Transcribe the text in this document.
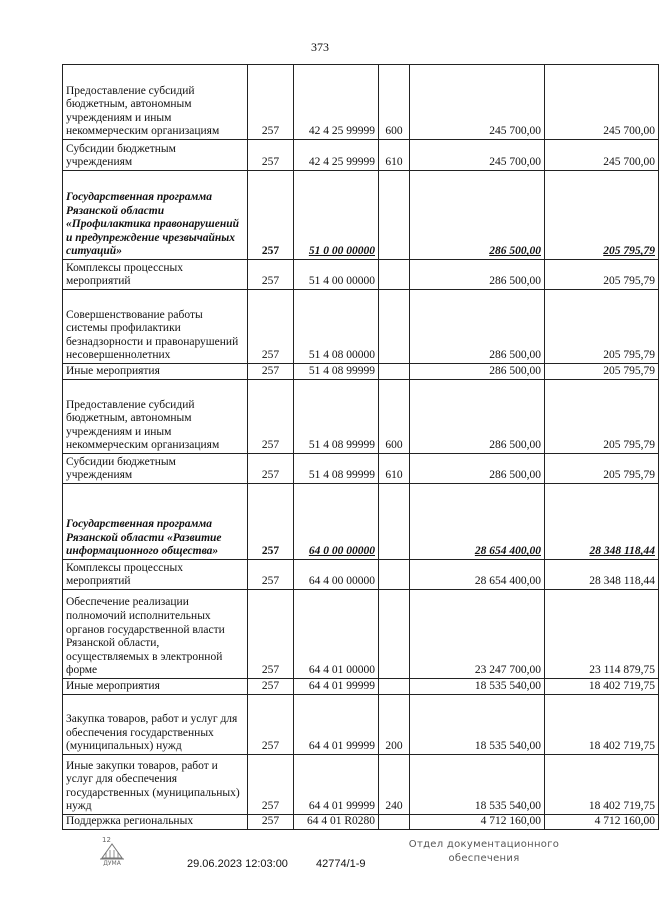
373
Предоставление субсидий бюджетным, автономным учреждениям и иным некоммерческим организациям	257	42 4 25 99999	600	245 700,00	245 700,00
Субсидии бюджетным учреждениям	257	42 4 25 99999	610	245 700,00	245 700,00
Государственная программа Рязанской области «Профилактика правонарушений и предупреждение чрезвычайных ситуаций»	257	51 0 00 00000		286 500,00	205 795,79
Комплексы процессных мероприятий	257	51 4 00 00000		286 500,00	205 795,79
Совершенствование работы системы профилактики безнадзорности и правонарушений несовершеннолетних	257	51 4 08 00000		286 500,00	205 795,79
Иные мероприятия	257	51 4 08 99999		286 500,00	205 795,79
Предоставление субсидий бюджетным, автономным учреждениям и иным некоммерческим организациям	257	51 4 08 99999	600	286 500,00	205 795,79
Субсидии бюджетным учреждениям	257	51 4 08 99999	610	286 500,00	205 795,79
Государственная программа Рязанской области «Развитие информационного общества»	257	64 0 00 00000		28 654 400,00	28 348 118,44
Комплексы процессных мероприятий	257	64 4 00 00000		28 654 400,00	28 348 118,44
Обеспечение реализации полномочий исполнительных органов государственной власти Рязанской области, осуществляемых в электронной форме	257	64 4 01 00000		23 247 700,00	23 114 879,75
Иные мероприятия	257	64 4 01 99999		18 535 540,00	18 402 719,75
Закупка товаров, работ и услуг для обеспечения государственных (муниципальных) нужд	257	64 4 01 99999	200	18 535 540,00	18 402 719,75
Иные закупки товаров, работ и услуг для обеспечения государственных (муниципальных) нужд	257	64 4 01 99999	240	18 535 540,00	18 402 719,75
Поддержка региональных	257	64 4 01 R0280		4 712 160,00	4 712 160,00
ДУМА
12
29.06.2023 12:03:00	42774/1-9
Отдел документационного
обеспечения
